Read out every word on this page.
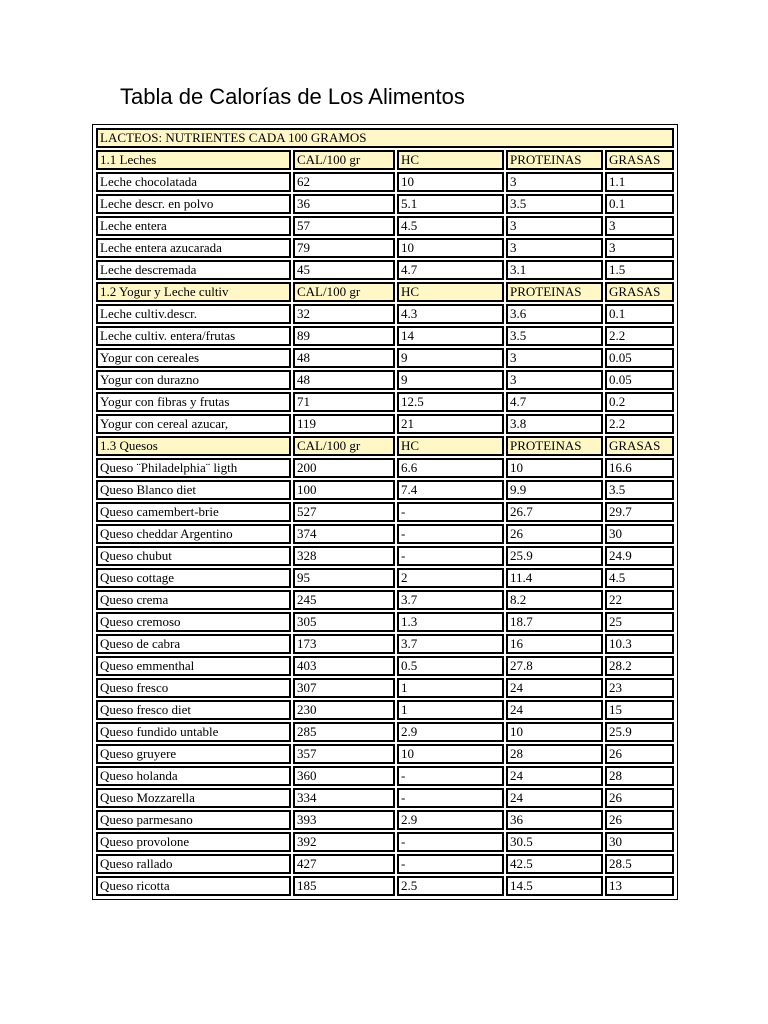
Tabla de Calorías de Los Alimentos
LACTEOS: NUTRIENTES CADA 100 GRAMOS				
1.1 Leches	CAL/100 gr	HC	PROTEINAS	GRASAS
Leche chocolatada	62	10	3	1.1
Leche descr. en polvo	36	5.1	3.5	0.1
Leche entera	57	4.5	3	3
Leche entera azucarada	79	10	3	3
Leche descremada	45	4.7	3.1	1.5
1.2 Yogur y Leche cultiv	CAL/100 gr	HC	PROTEINAS	GRASAS
Leche cultiv.descr.	32	4.3	3.6	0.1
Leche cultiv. entera/frutas	89	14	3.5	2.2
Yogur con cereales	48	9	3	0.05
Yogur con durazno	48	9	3	0.05
Yogur con fibras y frutas	71	12.5	4.7	0.2
Yogur con cereal azucar,	119	21	3.8	2.2
1.3 Quesos	CAL/100 gr	HC	PROTEINAS	GRASAS
Queso ¨Philadelphia¨ ligth	200	6.6	10	16.6
Queso Blanco diet	100	7.4	9.9	3.5
Queso camembert-brie	527	-	26.7	29.7
Queso cheddar Argentino	374	-	26	30
Queso chubut	328	-	25.9	24.9
Queso cottage	95	2	11.4	4.5
Queso crema	245	3.7	8.2	22
Queso cremoso	305	1.3	18.7	25
Queso de cabra	173	3.7	16	10.3
Queso emmenthal	403	0.5	27.8	28.2
Queso fresco	307	1	24	23
Queso fresco diet	230	1	24	15
Queso fundido untable	285	2.9	10	25.9
Queso gruyere	357	10	28	26
Queso holanda	360	-	24	28
Queso Mozzarella	334	-	24	26
Queso parmesano	393	2.9	36	26
Queso provolone	392	-	30.5	30
Queso rallado	427	-	42.5	28.5
Queso ricotta	185	2.5	14.5	13
